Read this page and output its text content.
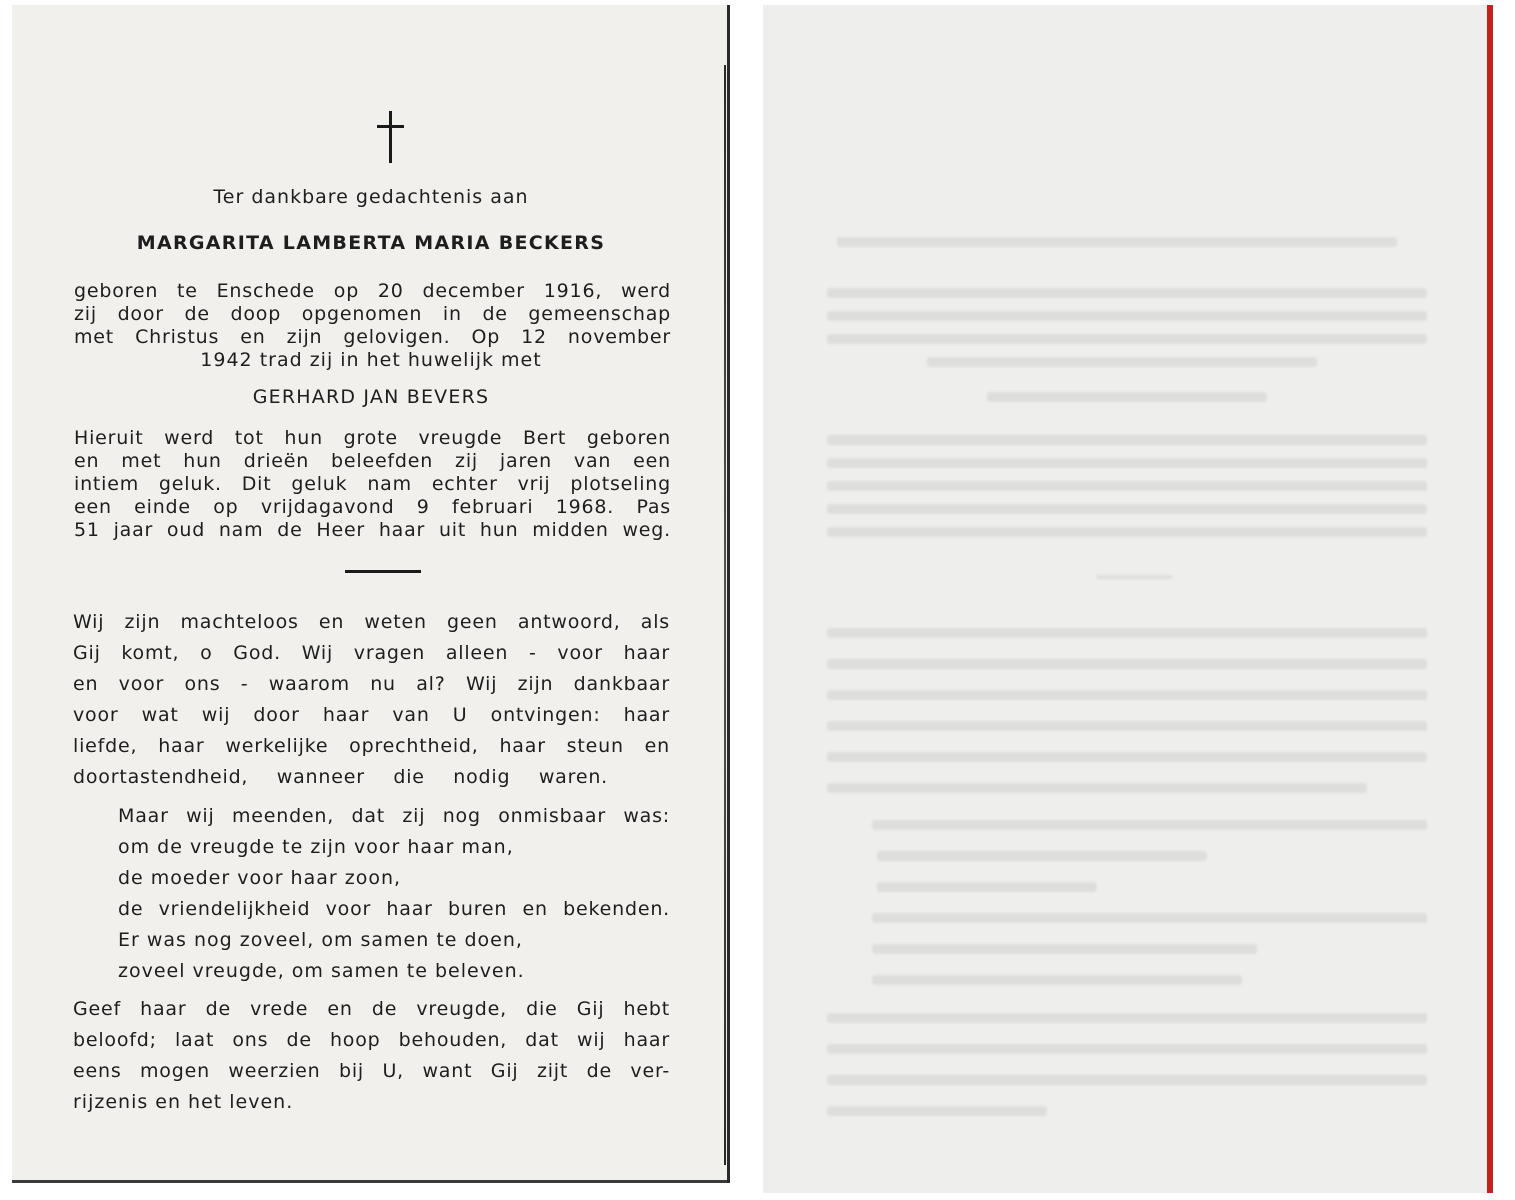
Ter dankbare gedachtenis aan

MARGARITA LAMBERTA MARIA BECKERS

geboren te Enschede op 20 december 1916, werd

zij door de doop opgenomen in de gemeenschap

met Christus en zijn gelovigen. Op 12 november

1942 trad zij in het huwelijk met

GERHARD JAN BEVERS

Hieruit werd tot hun grote vreugde Bert geboren

en met hun drieën beleefden zij jaren van een

intiem geluk. Dit geluk nam echter vrij plotseling

een einde op vrijdagavond 9 februari 1968. Pas

51 jaar oud nam de Heer haar uit hun midden weg.

Wij zijn machteloos en weten geen antwoord, als

Gij komt, o God. Wij vragen alleen - voor haar

en voor ons - waarom nu al? Wij zijn dankbaar

voor wat wij door haar van U ontvingen: haar

liefde, haar werkelijke oprechtheid, haar steun en

doortastendheid, wanneer die nodig waren.

Maar wij meenden, dat zij nog onmisbaar was:

om de vreugde te zijn voor haar man,

de moeder voor haar zoon,

de vriendelijkheid voor haar buren en bekenden.

Er was nog zoveel, om samen te doen,

zoveel vreugde, om samen te beleven.

Geef haar de vrede en de vreugde, die Gij hebt

beloofd; laat ons de hoop behouden, dat wij haar

eens mogen weerzien bij U, want Gij zijt de ver-

rijzenis en het leven.
